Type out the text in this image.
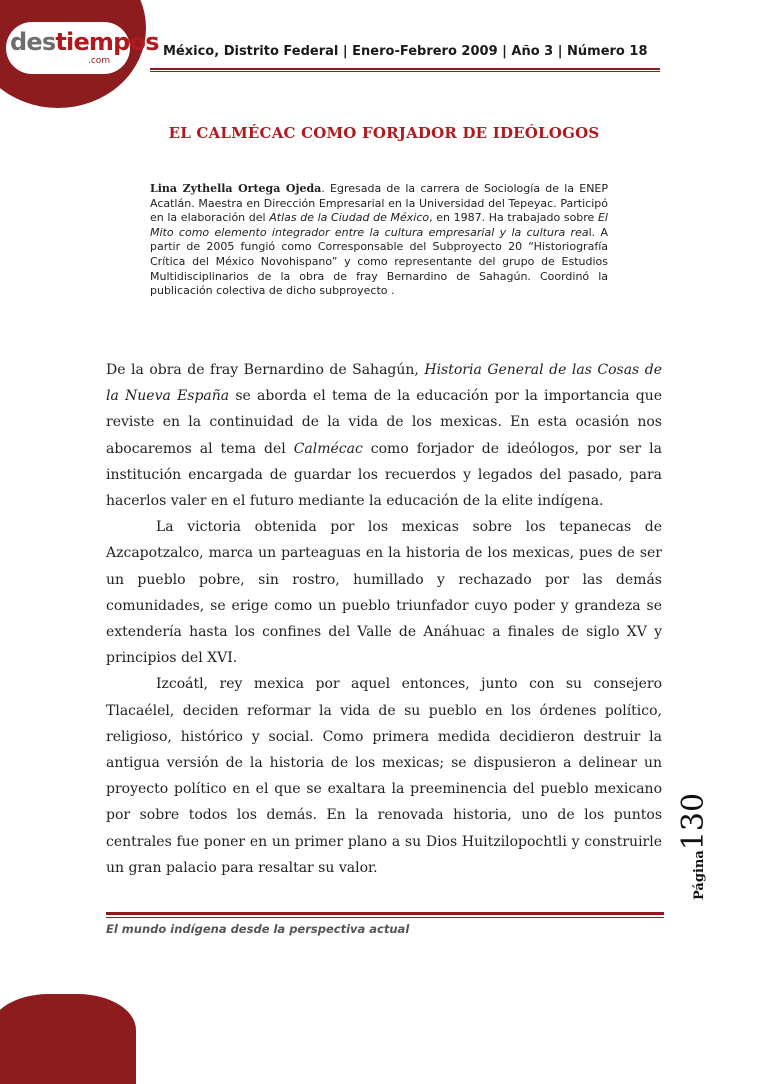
destiempos
.com
México, Distrito Federal | Enero-Febrero 2009 | Año 3 | Número 18
EL CALMÉCAC COMO FORJADOR DE IDEÓLOGOS
Lina Zythella Ortega Ojeda. Egresada de la carrera de Sociología de la ENEP Acatlán. Maestra en Dirección Empresarial en la Universidad del Tepeyac. Participó en la elaboración del Atlas de la Ciudad de México, en 1987. Ha trabajado sobre El Mito como elemento integrador entre la cultura empresarial y la cultura real. A partir de 2005 fungió como Corresponsable del Subproyecto 20 “Historiografía Crítica del México Novohispano” y como representante del grupo de Estudios Multidisciplinarios de la obra de fray Bernardino de Sahagún. Coordinó la publicación colectiva de dicho subproyecto .

De la obra de fray Bernardino de Sahagún, Historia General de las Cosas de la Nueva España se aborda el tema de la educación por la importancia que reviste en la continuidad de la vida de los mexicas. En esta ocasión nos abocaremos al tema del Calmécac como forjador de ideólogos, por ser la institución encargada de guardar los recuerdos y legados del pasado, para hacerlos valer en el futuro mediante la educación de la elite indígena.

La victoria obtenida por los mexicas sobre los tepanecas de Azcapotzalco, marca un parteaguas en la historia de los mexicas, pues de ser un pueblo pobre, sin rostro, humillado y rechazado por las demás comunidades, se erige como un pueblo triunfador cuyo poder y grandeza se extendería hasta los confines del Valle de Anáhuac a finales de siglo XV y principios del XVI.

Izcoátl, rey mexica por aquel entonces, junto con su consejero Tlacaélel, deciden reformar la vida de su pueblo en los órdenes político, religioso, histórico y social. Como primera medida decidieron destruir la antigua versión de la historia de los mexicas; se dispusieron a delinear un proyecto político en el que se exaltara la preeminencia del pueblo mexicano por sobre todos los demás. En la renovada historia, uno de los puntos centrales fue poner en un primer plano a su Dios Huitzilopochtli y construirle un gran palacio para resaltar su valor.	Página130
El mundo indígena desde la perspectiva actual
